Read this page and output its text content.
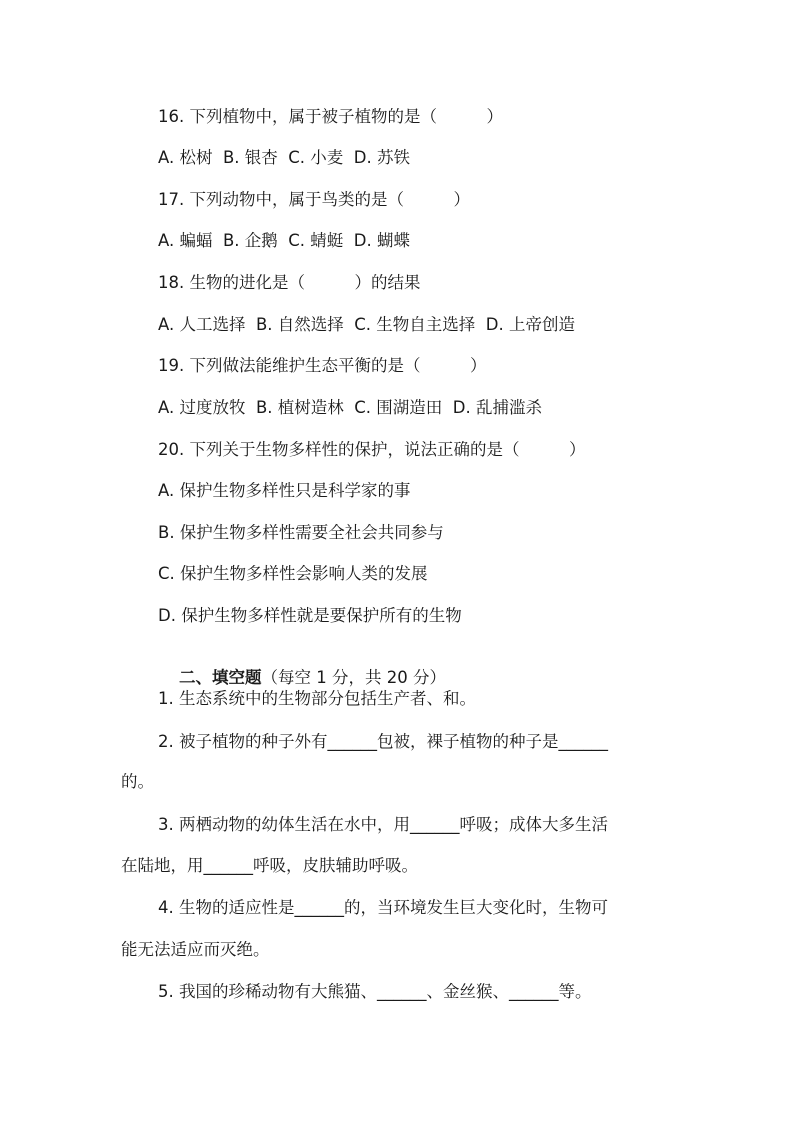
16. 下列植物中，属于被子植物的是（　　　）
A. 松树  B. 银杏  C. 小麦  D. 苏铁
17. 下列动物中，属于鸟类的是（　　　）
A. 蝙蝠  B. 企鹅  C. 蜻蜓  D. 蝴蝶
18. 生物的进化是（　　　）的结果
A. 人工选择  B. 自然选择  C. 生物自主选择  D. 上帝创造
19. 下列做法能维护生态平衡的是（　　　）
A. 过度放牧  B. 植树造林  C. 围湖造田  D. 乱捕滥杀
20. 下列关于生物多样性的保护，说法正确的是（　　　）
A. 保护生物多样性只是科学家的事
B. 保护生物多样性需要全社会共同参与
C. 保护生物多样性会影响人类的发展
D. 保护生物多样性就是要保护所有的生物

二、填空题（每空 1 分，共 20 分）

1. 生态系统中的生物部分包括生产者、和。
2. 被子植物的种子外有______包被，裸子植物的种子是______
的。
3. 两栖动物的幼体生活在水中，用______呼吸；成体大多生活
在陆地，用______呼吸，皮肤辅助呼吸。
4. 生物的适应性是______的，当环境发生巨大变化时，生物可
能无法适应而灭绝。
5. 我国的珍稀动物有大熊猫、______、金丝猴、______等。
